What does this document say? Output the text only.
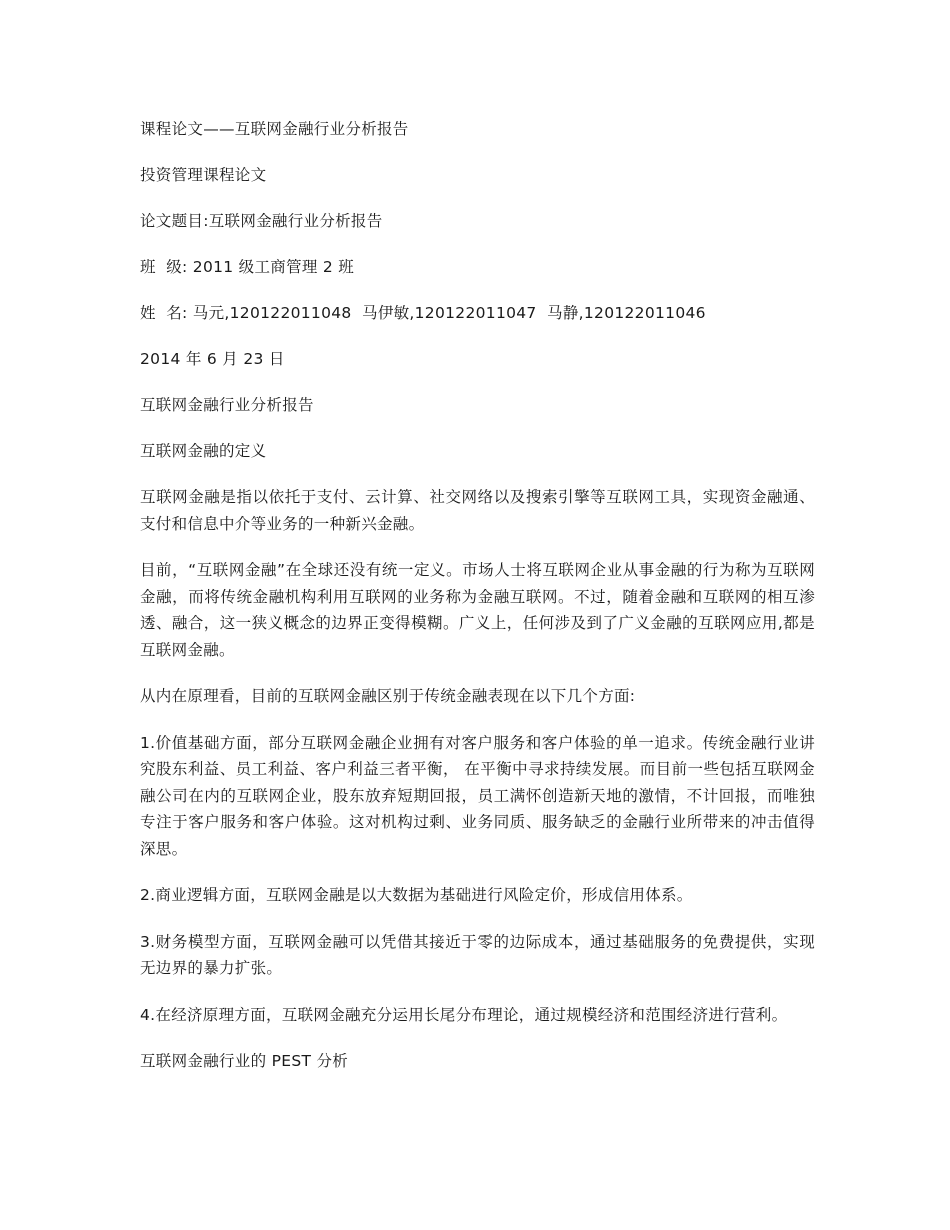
课程论文——互联网金融行业分析报告

投资管理课程论文

论文题目:互联网金融行业分析报告

班  级: 2011 级工商管理 2 班

姓  名: 马元,120122011048  马伊敏,120122011047  马静,120122011046

2014 年 6 月 23 日

互联网金融行业分析报告

互联网金融的定义

互联网金融是指以依托于支付、云计算、社交网络以及搜索引擎等互联网工具，实现资金融通、支付和信息中介等业务的一种新兴金融。

目前，“互联网金融”在全球还没有统一定义。市场人士将互联网企业从事金融的行为称为互联网金融，而将传统金融机构利用互联网的业务称为金融互联网。不过，随着金融和互联网的相互渗透、融合，这一狭义概念的边界正变得模糊。广义上，任何涉及到了广义金融的互联网应用,都是互联网金融。

从内在原理看，目前的互联网金融区别于传统金融表现在以下几个方面:

1.价值基础方面，部分互联网金融企业拥有对客户服务和客户体验的单一追求。传统金融行业讲究股东利益、员工利益、客户利益三者平衡， 在平衡中寻求持续发展。而目前一些包括互联网金融公司在内的互联网企业，股东放弃短期回报，员工满怀创造新天地的激情，不计回报，而唯独专注于客户服务和客户体验。这对机构过剩、业务同质、服务缺乏的金融行业所带来的冲击值得深思。

2.商业逻辑方面，互联网金融是以大数据为基础进行风险定价，形成信用体系。

3.财务模型方面，互联网金融可以凭借其接近于零的边际成本，通过基础服务的免费提供，实现无边界的暴力扩张。

4.在经济原理方面，互联网金融充分运用长尾分布理论，通过规模经济和范围经济进行营利。

互联网金融行业的 PEST 分析
